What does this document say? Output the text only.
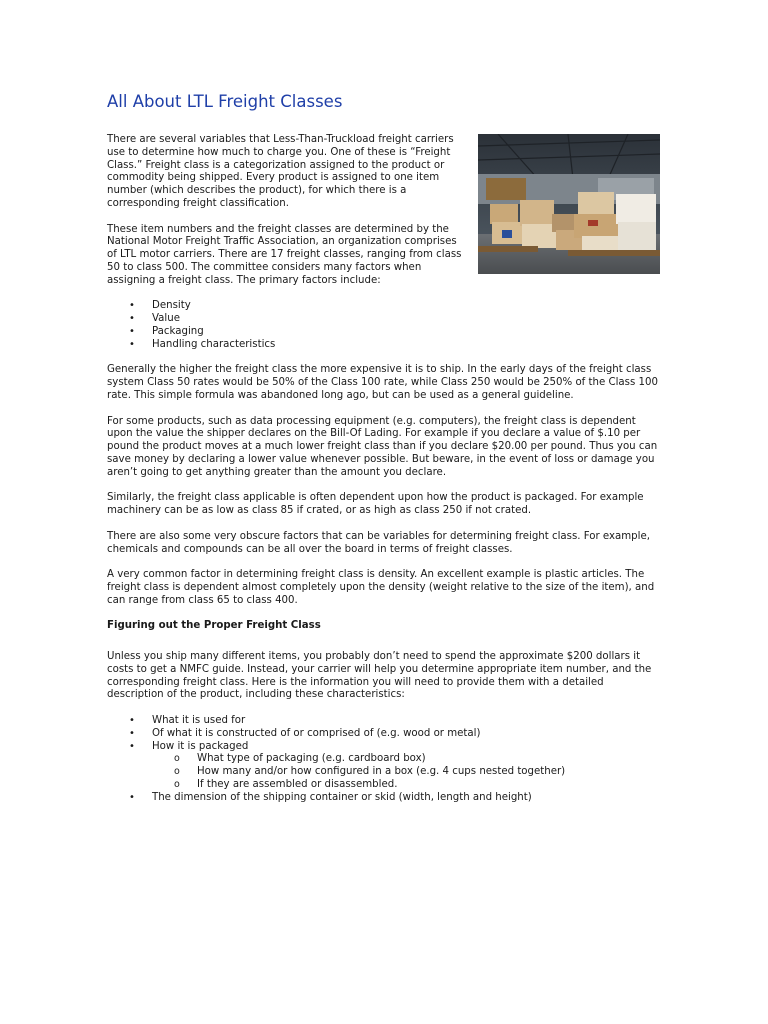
All About LTL Freight Classes

There are several variables that Less-Than-Truckload freight carriers use to determine how much to charge you. One of these is “Freight Class.” Freight class is a categorization assigned to the product or commodity being shipped. Every product is assigned to one item number (which describes the product), for which there is a corresponding freight classification.

These item numbers and the freight classes are determined by the National Motor Freight Traffic Association, an organization comprises of LTL motor carriers. There are 17 freight classes, ranging from class 50 to class 500. The committee considers many factors when assigning a freight class. The primary factors include:

• Density
• Value
• Packaging
• Handling characteristics

Generally the higher the freight class the more expensive it is to ship. In the early days of the freight class system Class 50 rates would be 50% of the Class 100 rate, while Class 250 would be 250% of the Class 100 rate. This simple formula was abandoned long ago, but can be used as a general guideline.

For some products, such as data processing equipment (e.g. computers), the freight class is dependent upon the value the shipper declares on the Bill-Of Lading. For example if you declare a value of $.10 per pound the product moves at a much lower freight class than if you declare $20.00 per pound. Thus you can save money by declaring a lower value whenever possible. But beware, in the event of loss or damage you aren’t going to get anything greater than the amount you declare.

Similarly, the freight class applicable is often dependent upon how the product is packaged. For example machinery can be as low as class 85 if crated, or as high as class 250 if not crated.

There are also some very obscure factors that can be variables for determining freight class. For example, chemicals and compounds can be all over the board in terms of freight classes.

A very common factor in determining freight class is density. An excellent example is plastic articles. The freight class is dependent almost completely upon the density (weight relative to the size of the item), and can range from class 65 to class 400.

Figuring out the Proper Freight Class

Unless you ship many different items, you probably don’t need to spend the approximate $200 dollars it costs to get a NMFC guide. Instead, your carrier will help you determine appropriate item number, and the corresponding freight class. Here is the information you will need to provide them with a detailed description of the product, including these characteristics:

• What it is used for
• Of what it is constructed of or comprised of (e.g. wood or metal)
• How it is packaged
o What type of packaging (e.g. cardboard box)
o How many and/or how configured in a box (e.g. 4 cups nested together)
o If they are assembled or disassembled.
• The dimension of the shipping container or skid (width, length and height)
